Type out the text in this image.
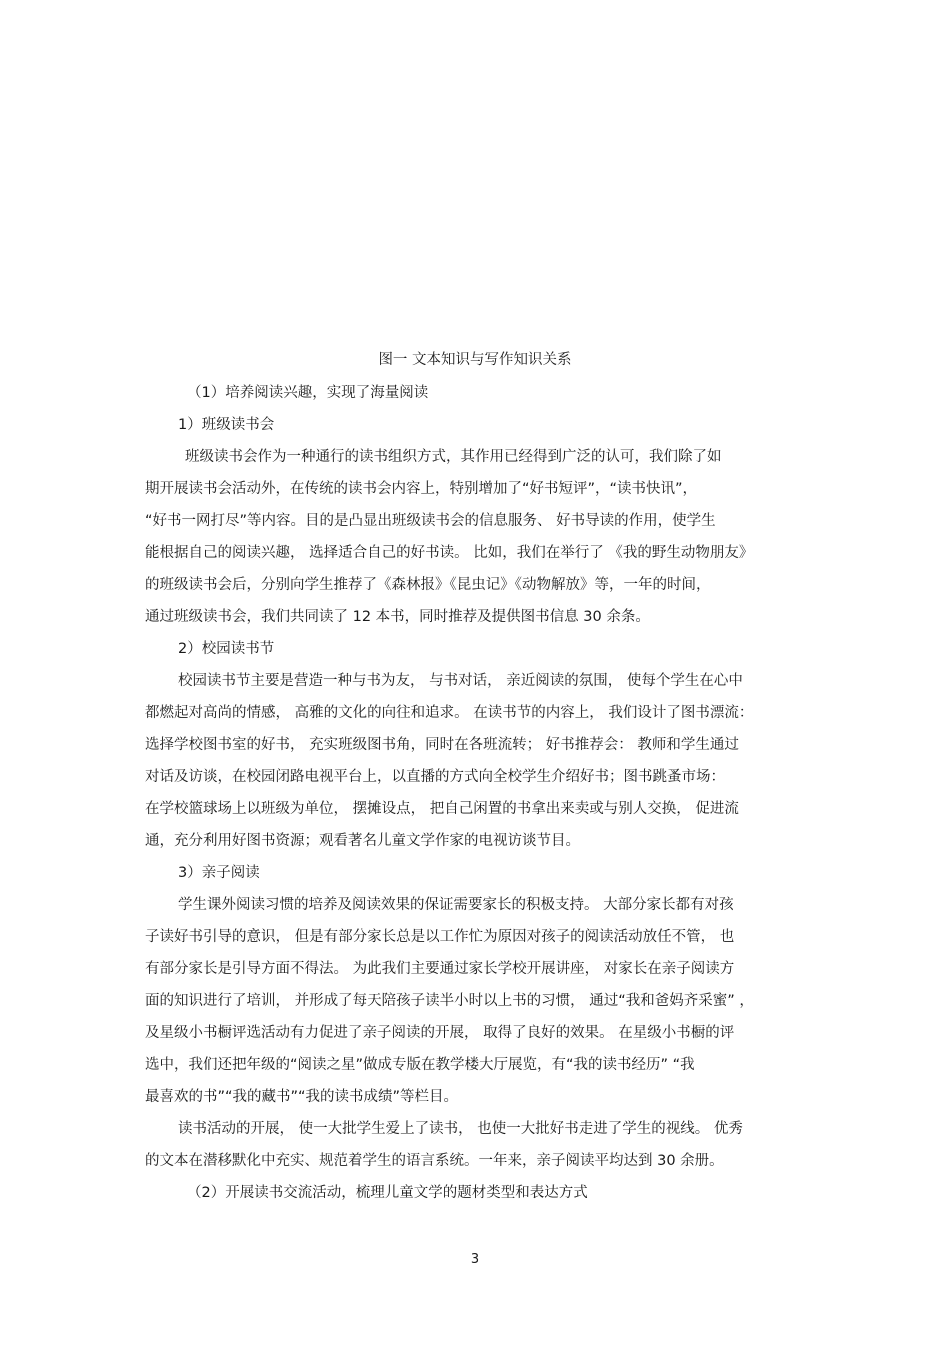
图一 文本知识与写作知识关系
（1）培养阅读兴趣，实现了海量阅读
1）班级读书会
班级读书会作为一种通行的读书组织方式，其作用已经得到广泛的认可，我们除了如
期开展读书会活动外，在传统的读书会内容上，特别增加了“好书短评”，“读书快讯”，
“好书一网打尽”等内容。目的是凸显出班级读书会的信息服务、 好书导读的作用，使学生
能根据自己的阅读兴趣， 选择适合自己的好书读。 比如，我们在举行了 《我的野生动物朋友》
的班级读书会后，分别向学生推荐了《森林报》《昆虫记》《动物解放》等，一年的时间，
通过班级读书会，我们共同读了 12 本书，同时推荐及提供图书信息 30 余条。
2）校园读书节
校园读书节主要是营造一种与书为友， 与书对话， 亲近阅读的氛围， 使每个学生在心中
都燃起对高尚的情感， 高雅的文化的向往和追求。 在读书节的内容上， 我们设计了图书漂流：
选择学校图书室的好书， 充实班级图书角，同时在各班流转； 好书推荐会： 教师和学生通过
对话及访谈，在校园闭路电视平台上，以直播的方式向全校学生介绍好书；图书跳蚤市场：
在学校篮球场上以班级为单位， 摆摊设点， 把自己闲置的书拿出来卖或与别人交换， 促进流
通，充分利用好图书资源；观看著名儿童文学作家的电视访谈节目。
3）亲子阅读
学生课外阅读习惯的培养及阅读效果的保证需要家长的积极支持。 大部分家长都有对孩
子读好书引导的意识， 但是有部分家长总是以工作忙为原因对孩子的阅读活动放任不管， 也
有部分家长是引导方面不得法。 为此我们主要通过家长学校开展讲座， 对家长在亲子阅读方
面的知识进行了培训， 并形成了每天陪孩子读半小时以上书的习惯， 通过“我和爸妈齐采蜜” ，
及星级小书橱评选活动有力促进了亲子阅读的开展， 取得了良好的效果。 在星级小书橱的评
选中，我们还把年级的“阅读之星”做成专版在教学楼大厅展览，有“我的读书经历” “我
最喜欢的书”“我的藏书”“我的读书成绩”等栏目。
读书活动的开展， 使一大批学生爱上了读书， 也使一大批好书走进了学生的视线。 优秀
的文本在潜移默化中充实、规范着学生的语言系统。一年来，亲子阅读平均达到 30 余册。
（2）开展读书交流活动，梳理儿童文学的题材类型和表达方式
3
